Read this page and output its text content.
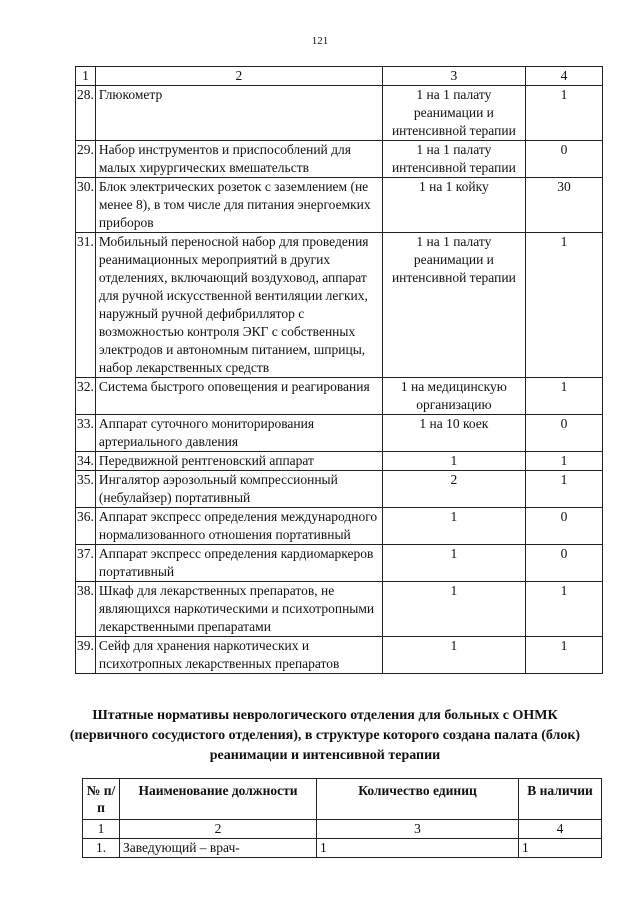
121
1	2	3	4
28.	Глюкометр	1 на 1 палату реанимации и интенсивной терапии	1
29.	Набор инструментов и приспособлений для малых хирургических вмешательств	1 на 1 палату интенсивной терапии	0
30.	Блок электрических розеток с заземлением (не менее 8), в том числе для питания энергоемких приборов	1 на 1 койку	30
31.	Мобильный переносной набор для проведения реанимационных мероприятий в других отделениях, включающий воздуховод, аппарат для ручной искусственной вентиляции легких, наружный ручной дефибриллятор с возможностью контроля ЭКГ с собственных электродов и автономным питанием, шприцы, набор лекарственных средств	1 на 1 палату реанимации и интенсивной терапии	1
32.	Система быстрого оповещения и реагирования	1 на медицинскую организацию	1
33.	Аппарат суточного мониторирования артериального давления	1 на 10 коек	0
34.	Передвижной рентгеновский аппарат	1	1
35.	Ингалятор аэрозольный компрессионный (небулайзер) портативный	2	1
36.	Аппарат экспресс определения международного нормализованного отношения портативный	1	0
37.	Аппарат экспресс определения кардиомаркеров портативный	1	0
38.	Шкаф для лекарственных препаратов, не являющихся наркотическими и психотропными лекарственными препаратами	1	1
39.	Сейф для хранения наркотических и психотропных лекарственных препаратов	1	1
Штатные нормативы неврологического отделения для больных с ОНМК (первичного сосудистого отделения), в структуре которого создана палата (блок) реанимации и интенсивной терапии
№ п/п	Наименование должности	Количество единиц	В наличии
1	2	3	4
1.	Заведующий – врач-	1	1
